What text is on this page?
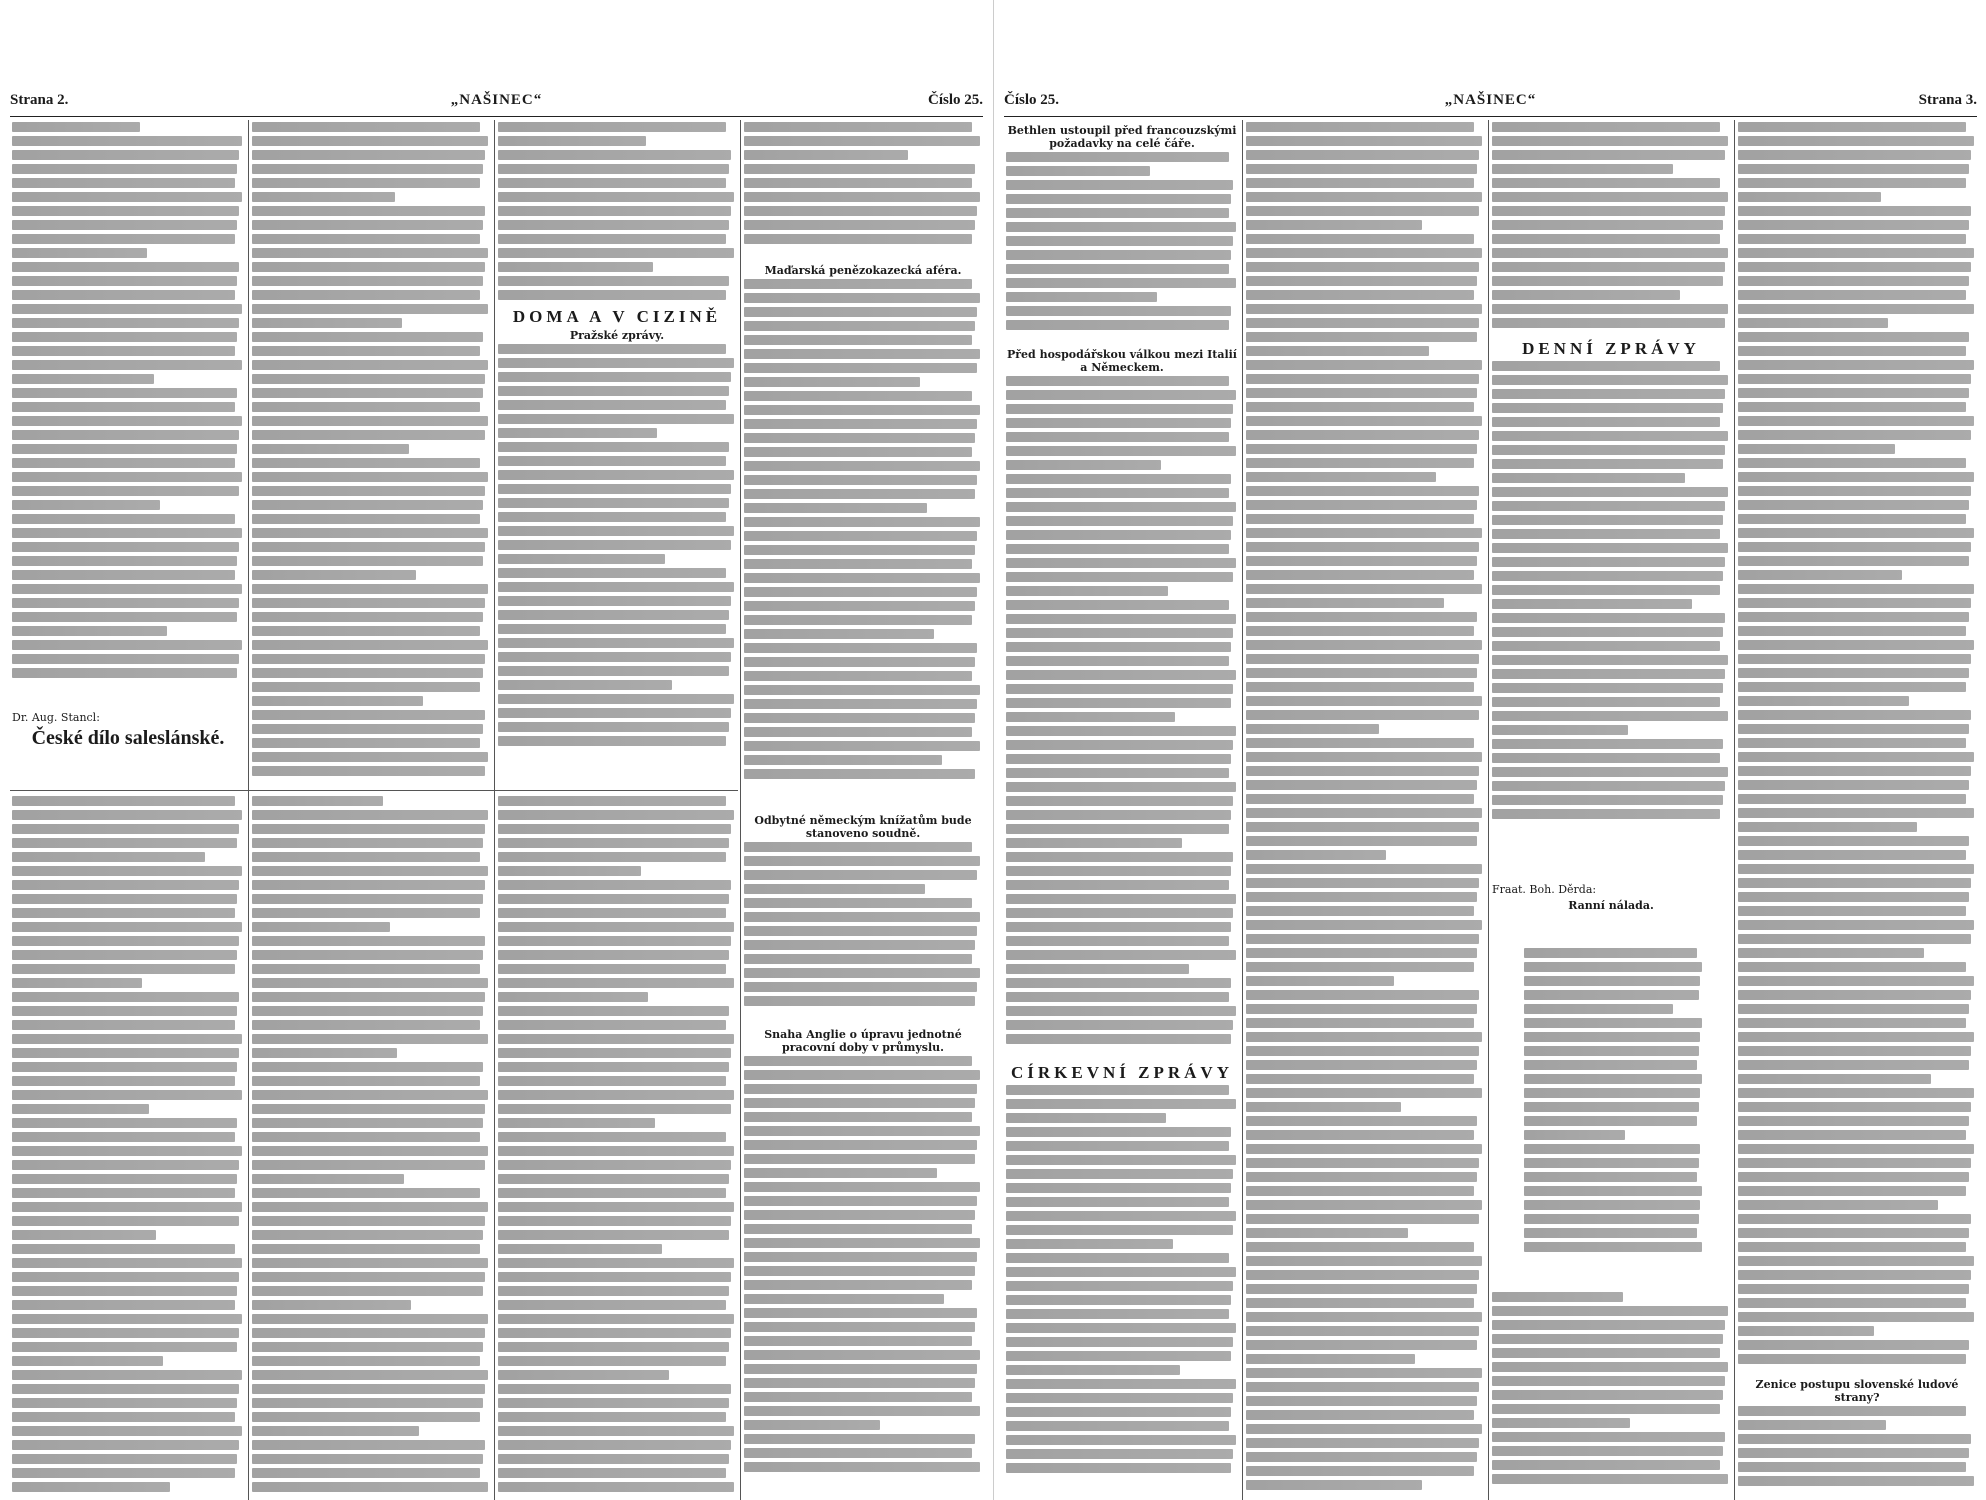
Strana 2.	„NAŠINEC“	Číslo 25.
Dr. Aug. Stancl:
České dílo saleslánské.
DOMA A V CIZINĚ
Pražské zprávy.
Maďarská penězokazecká aféra.
Odbytné německým knížatům bude stanoveno soudně.
Snaha Anglie o úpravu jednotné pracovní doby v průmyslu.
Číslo 25.	„NAŠINEC“	Strana 3.
Bethlen ustoupil před francouzskými požadavky na celé čáře.
Před hospodářskou válkou mezi Italií a Německem.
CÍRKEVNÍ ZPRÁVY
DENNÍ ZPRÁVY
Fraat. Boh. Děrda:
Ranní nálada.
Zenice postupu slovenské ludové strany?
